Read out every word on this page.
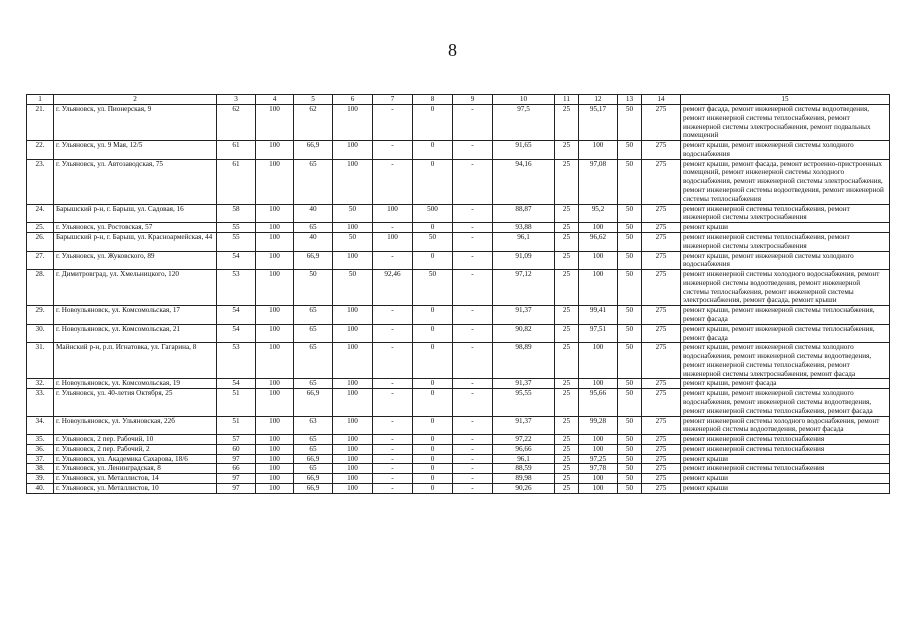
8
1	2	3	4	5	6	7	8	9	10	11	12	13	14	15
21.	г. Ульяновск, ул. Пионерская, 9	62	100	62	100	-	0	-	97,5	25	95,17	50	275	ремонт фасада, ремонт инженерной системы водоотведения, ремонт инженерной системы теплоснабжения, ремонт инженерной системы электроснабжения, ремонт подвальных помещений
22.	г. Ульяновск, ул. 9 Мая, 12/5	61	100	66,9	100	-	0	-	91,65	25	100	50	275	ремонт крыши, ремонт инженерной системы холодного водоснабжения
23.	г. Ульяновск, ул. Автозаводская, 75	61	100	65	100	-	0	-	94,16	25	97,08	50	275	ремонт крыши, ремонт фасада, ремонт встроенно-пристроенных помещений, ремонт инженерной системы холодного водоснабжения, ремонт инженерной системы электроснабжения, ремонт инженерной системы водоотведения, ремонт инженерной системы теплоснабжения
24.	Барышский р-н, г. Барыш, ул. Садовая, 16	58	100	40	50	100	500	-	88,87	25	95,2	50	275	ремонт инженерной системы теплоснабжения, ремонт инженерной системы электроснабжения
25.	г. Ульяновск, ул. Ростовская, 57	55	100	65	100	-	0	-	93,88	25	100	50	275	ремонт крыши
26.	Барышский р-н, г. Барыш, ул. Красноармейская, 44	55	100	40	50	100	50	-	96,1	25	96,62	50	275	ремонт инженерной системы теплоснабжения, ремонт инженерной системы электроснабжения
27.	г. Ульяновск, ул. Жуковского, 89	54	100	66,9	100	-	0	-	91,09	25	100	50	275	ремонт крыши, ремонт инженерной системы холодного водоснабжения
28.	г. Димитровград, ул. Хмельницкого, 120	53	100	50	50	92,46	50	-	97,12	25	100	50	275	ремонт инженерной системы холодного водоснабжения, ремонт инженерной системы водоотведения, ремонт инженерной системы теплоснабжения, ремонт инженерной системы электроснабжения, ремонт фасада, ремонт крыши
29.	г. Новоульяновск, ул. Комсомольская, 17	54	100	65	100	-	0	-	91,37	25	99,41	50	275	ремонт крыши, ремонт инженерной системы теплоснабжения, ремонт фасада
30.	г. Новоульяновск, ул. Комсомольская, 21	54	100	65	100	-	0	-	90,82	25	97,51	50	275	ремонт крыши, ремонт инженерной системы теплоснабжения, ремонт фасада
31.	Майнский р-н, р.п. Игнатовка, ул. Гагарина, 8	53	100	65	100	-	0	-	98,89	25	100	50	275	ремонт крыши, ремонт инженерной системы холодного водоснабжения, ремонт инженерной системы водоотведения, ремонт инженерной системы теплоснабжения, ремонт инженерной системы электроснабжения, ремонт фасада
32.	г. Новоульяновск, ул. Комсомольская, 19	54	100	65	100	-	0	-	91,37	25	100	50	275	ремонт крыши, ремонт фасада
33.	г. Ульяновск, ул. 40-летия Октября, 25	51	100	66,9	100	-	0	-	95,55	25	95,66	50	275	ремонт крыши, ремонт инженерной системы холодного водоснабжения, ремонт инженерной системы водоотведения, ремонт инженерной системы теплоснабжения, ремонт фасада
34.	г. Новоульяновск, ул. Ульяновская, 22б	51	100	63	100	-	0	-	91,37	25	99,28	50	275	ремонт инженерной системы холодного водоснабжения, ремонт инженерной системы водоотведения, ремонт фасада
35.	г. Ульяновск, 2 пер. Рабочий, 10	57	100	65	100	-	0	-	97,22	25	100	50	275	ремонт инженерной системы теплоснабжения
36.	г. Ульяновск, 2 пер. Рабочий, 2	60	100	65	100	-	0	-	96,66	25	100	50	275	ремонт инженерной системы теплоснабжения
37.	г. Ульяновск, ул. Академика Сахарова, 18/6	97	100	66,9	100	-	0	-	96,1	25	97,25	50	275	ремонт крыши
38.	г. Ульяновск, ул. Ленинградская, 8	66	100	65	100	-	0	-	88,59	25	97,78	50	275	ремонт инженерной системы теплоснабжения
39.	г. Ульяновск, ул. Металлистов, 14	97	100	66,9	100	-	0	-	89,98	25	100	50	275	ремонт крыши
40.	г. Ульяновск, ул. Металлистов, 10	97	100	66,9	100	-	0	-	90,26	25	100	50	275	ремонт крыши
